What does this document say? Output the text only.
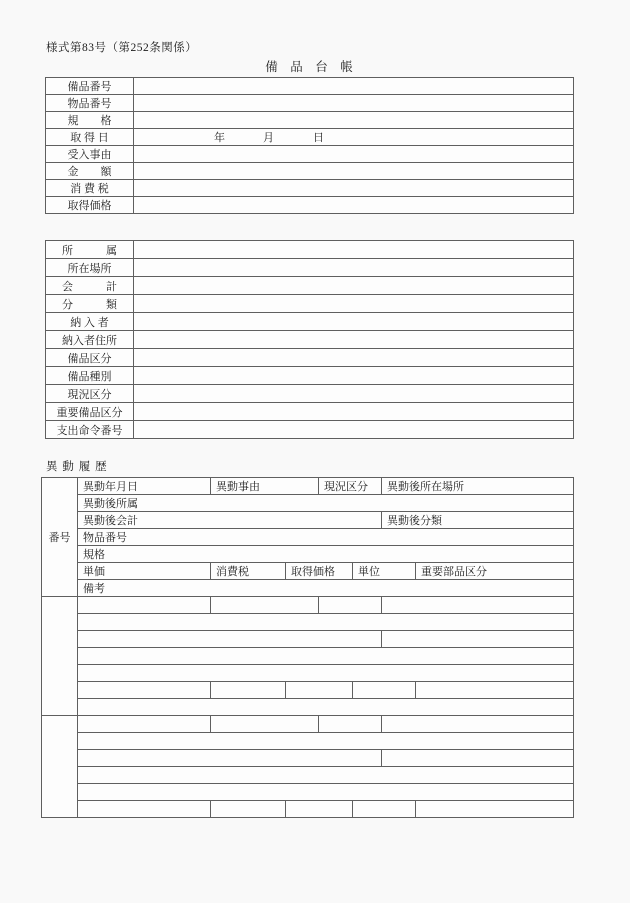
様式第83号（第252条関係）
備　品　台　帳
備品番号	
物品番号	
規　　格	
取 得 日	年 月 日

受入事由	
金　　額	
消 費 税	
取得価格	
所　　　属	
所在場所	
会　　　計	
分　　　類	
納 入 者	
納入者住所	
備品区分	
備品種別	
現況区分	
重要備品区分	
支出命令番号	
異 動 履 歴
番号	異動年月日	異動事由		現況区分		異動後所在場所	
	異動後所属						
	異動後会計					異動後分類	
	物品番号						
	規格						
	単価	消費税	取得価格		単位		重要部品区分
	備考						
